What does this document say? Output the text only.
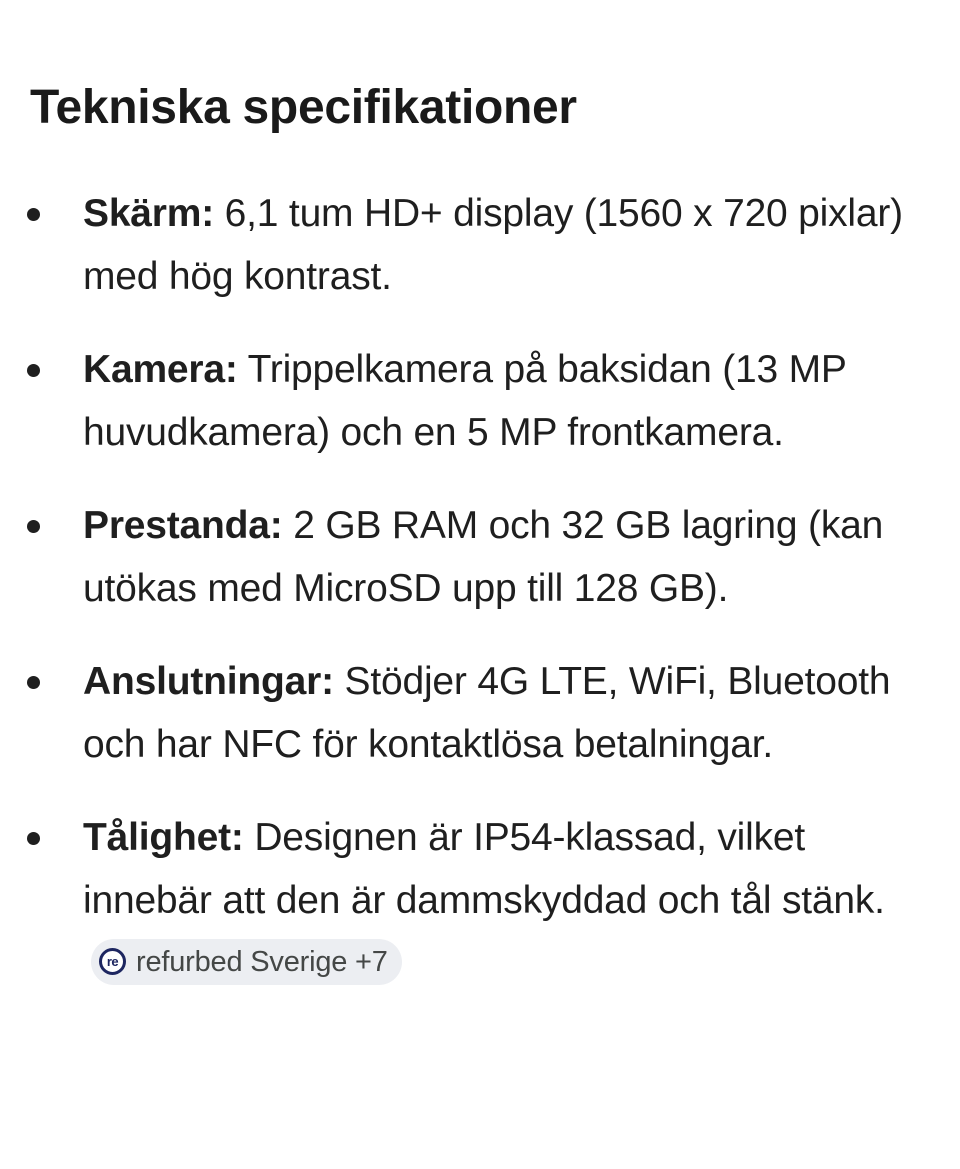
Tekniska specifikationer
Skärm: 6,1 tum HD+ display (1560 x 720 pixlar) med hög kontrast.
Kamera: Trippelkamera på baksidan (13 MP huvudkamera) och en 5 MP frontkamera.
Prestanda: 2 GB RAM och 32 GB lagring (kan utökas med MicroSD upp till 128 GB).
Anslutningar: Stödjer 4G LTE, WiFi, Bluetooth och har NFC för kontaktlösa betalningar.
Tålighet: Designen är IP54-klassad, vilket innebär att den är dammskyddad och tål stänk.
re refurbed Sverige +7
